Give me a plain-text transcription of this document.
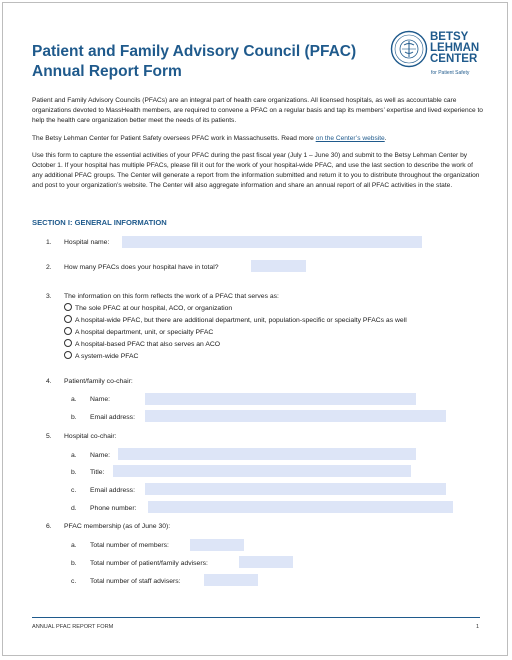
Patient and Family Advisory Council (PFAC)
Annual Report Form
BETSY
LEHMAN
CENTER
for Patient Safety
Patient and Family Advisory Councils (PFACs) are an integral part of health care organizations. All licensed hospitals, as well as accountable care organizations devoted to MassHealth members, are required to convene a PFAC on a regular basis and tap its members’ expertise and lived experience to help the health care organization better meet the needs of its patients.
The Betsy Lehman Center for Patient Safety oversees PFAC work in Massachusetts. Read more on the Center’s website.
Use this form to capture the essential activities of your PFAC during the past fiscal year (July 1 – June 30) and submit to the Betsy Lehman Center by October 1. If your hospital has multiple PFACs, please fill it out for the work of your hospital-wide PFAC, and use the last section to describe the work of any additional PFAC groups. The Center will generate a report from the information submitted and return it to you to distribute throughout the organization and post to your organization’s website. The Center will also aggregate information and share an annual report of all PFAC activities in the state.
SECTION I: GENERAL INFORMATION
1. Hospital name:
2. How many PFACs does your hospital have in total?
3. The information on this form reflects the work of a PFAC that serves as:
The sole PFAC at our hospital, ACO, or organization
A hospital-wide PFAC, but there are additional department, unit, population-specific or specialty PFACs as well
A hospital department, unit, or specialty PFAC
A hospital-based PFAC that also serves an ACO
A system-wide PFAC
4. Patient/family co-chair:
a. Name:
b. Email address:
5. Hospital co-chair:
a. Name:
b. Title:
c. Email address:
d. Phone number:
6. PFAC membership (as of June 30):
a. Total number of members:
b. Total number of patient/family advisers:
c. Total number of staff advisers:
ANNUAL PFAC REPORT FORM	1
